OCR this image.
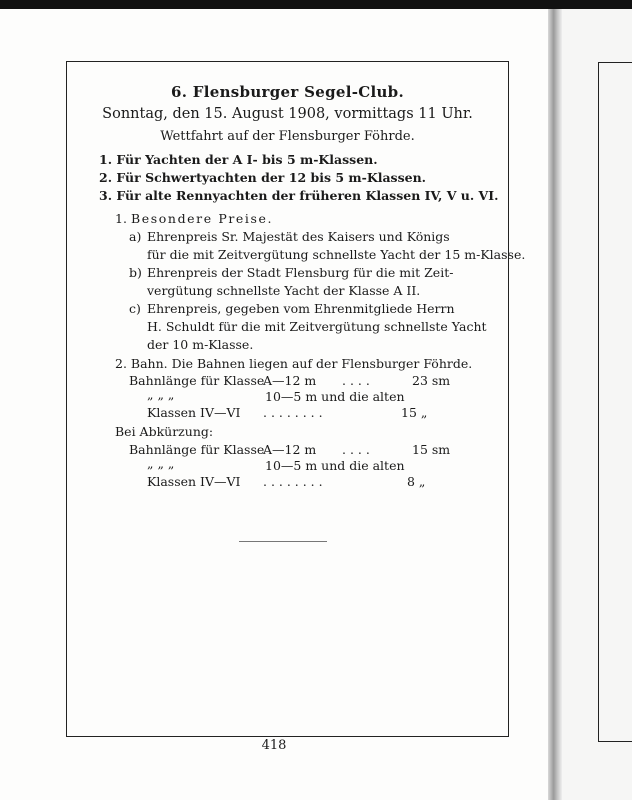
6. Flensburger Segel-Club.
Sonntag, den 15. August 1908, vormittags 11 Uhr.
Wettfahrt auf der Flensburger Föhrde.
1. Für Yachten der A I- bis 5 m-Klassen.
2. Für Schwertyachten der 12 bis 5 m-Klassen.
3. Für alte Rennyachten der früheren Klassen IV, V u. VI.
1. Besondere Preise.
a) Ehrenpreis Sr. Majestät des Kaisers und Königs
für die mit Zeitvergütung schnellste Yacht der 15 m-Klasse.
b) Ehrenpreis der Stadt Flensburg für die mit Zeit-
vergütung schnellste Yacht der Klasse A II.
c) Ehrenpreis, gegeben vom Ehrenmitgliede Herrn
H. Schuldt für die mit Zeitvergütung schnellste Yacht
der 10 m-Klasse.
2. Bahn. Die Bahnen liegen auf der Flensburger Föhrde.
Bahnlänge für Klasse
A—12 m . . . .	23 sm
„ „ „	10—5 m und die alten
Klassen IV—VI . . . . . . . .	15 „
Bei Abkürzung:
Bahnlänge für Klasse
A—12 m . . . .	15 sm
„ „ „	10—5 m und die alten
Klassen IV—VI . . . . . . . .	8 „
418
